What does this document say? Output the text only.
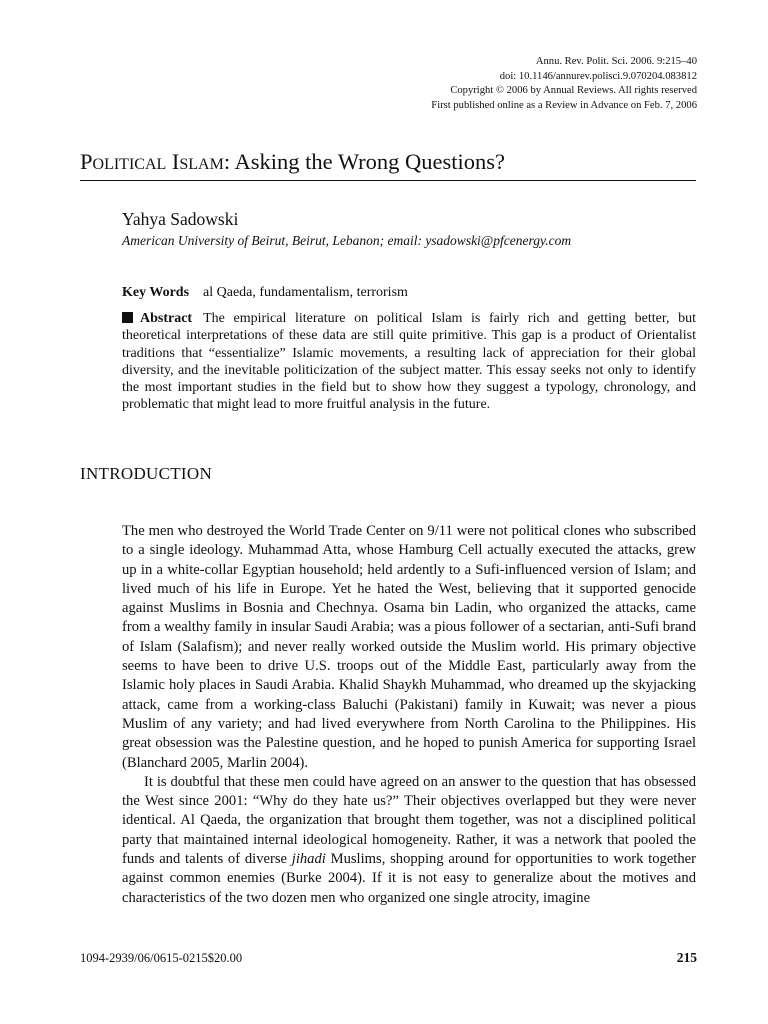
Annu. Rev. Polit. Sci. 2006. 9:215–40
doi: 10.1146/annurev.polisci.9.070204.083812
Copyright © 2006 by Annual Reviews. All rights reserved
First published online as a Review in Advance on Feb. 7, 2006
Political Islam: Asking the Wrong Questions?
Yahya Sadowski
American University of Beirut, Beirut, Lebanon; email: ysadowski@pfcenergy.com
Key Words al Qaeda, fundamentalism, terrorism
Abstract The empirical literature on political Islam is fairly rich and getting better, but theoretical interpretations of these data are still quite primitive. This gap is a product of Orientalist traditions that “essentialize” Islamic movements, a resulting lack of appreciation for their global diversity, and the inevitable politicization of the subject matter. This essay seeks not only to identify the most important studies in the field but to show how they suggest a typology, chronology, and problematic that might lead to more fruitful analysis in the future.
INTRODUCTION

The men who destroyed the World Trade Center on 9/11 were not political clones who subscribed to a single ideology. Muhammad Atta, whose Hamburg Cell actually executed the attacks, grew up in a white-collar Egyptian household; held ardently to a Sufi-influenced version of Islam; and lived much of his life in Europe. Yet he hated the West, believing that it supported genocide against Muslims in Bosnia and Chechnya. Osama bin Ladin, who organized the attacks, came from a wealthy family in insular Saudi Arabia; was a pious follower of a sectarian, anti-Sufi brand of Islam (Salafism); and never really worked outside the Muslim world. His primary objective seems to have been to drive U.S. troops out of the Middle East, particularly away from the Islamic holy places in Saudi Arabia. Khalid Shaykh Muhammad, who dreamed up the skyjacking attack, came from a working-class Baluchi (Pakistani) family in Kuwait; was never a pious Muslim of any variety; and had lived everywhere from North Carolina to the Philippines. His great obsession was the Palestine question, and he hoped to punish America for supporting Israel (Blanchard 2005, Marlin 2004).

It is doubtful that these men could have agreed on an answer to the question that has obsessed the West since 2001: “Why do they hate us?” Their objectives overlapped but they were never identical. Al Qaeda, the organization that brought them together, was not a disciplined political party that maintained internal ideological homogeneity. Rather, it was a network that pooled the funds and talents of diverse jihadi Muslims, shopping around for opportunities to work together against common enemies (Burke 2004). If it is not easy to generalize about the motives and characteristics of the two dozen men who organized one single atrocity, imagine

1094-2939/06/0615-0215$20.00	215
